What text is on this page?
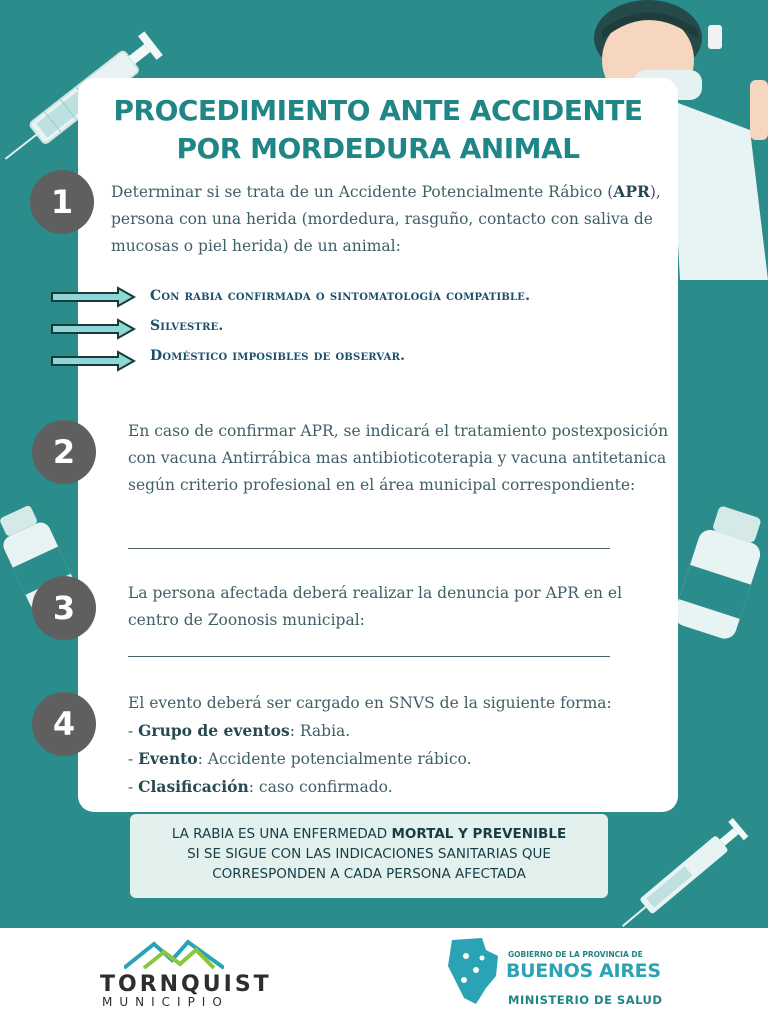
PROCEDIMIENTO ANTE ACCIDENTE
POR MORDEDURA ANIMAL
1	Determinar si se trata de un Accidente Potencialmente Rábico (APR), persona con una herida (mordedura, rasguño, contacto con saliva de mucosas o piel herida) de un animal:
Con rabia confirmada o sintomatología compatible.
Silvestre.
Doméstico imposibles de observar.
2
En caso de confirmar APR, se indicará el tratamiento postexposición con vacuna Antirrábica mas antibioticoterapia y vacuna antitetanica según criterio profesional en el área municipal correspondiente:
3	La persona afectada deberá realizar la denuncia por APR en el centro de Zoonosis municipal:
4
El evento deberá ser cargado en SNVS de la siguiente forma:
- Grupo de eventos: Rabia.
- Evento: Accidente potencialmente rábico.
- Clasificación: caso confirmado.
LA RABIA ES UNA ENFERMEDAD MORTAL Y PREVENIBLE
SI SE SIGUE CON LAS INDICACIONES SANITARIAS QUE
CORRESPONDEN A CADA PERSONA AFECTADA
TORNQUIST
MUNICIPIO
GOBIERNO DE LA PROVINCIA DE
BUENOS AIRES
MINISTERIO DE SALUD
